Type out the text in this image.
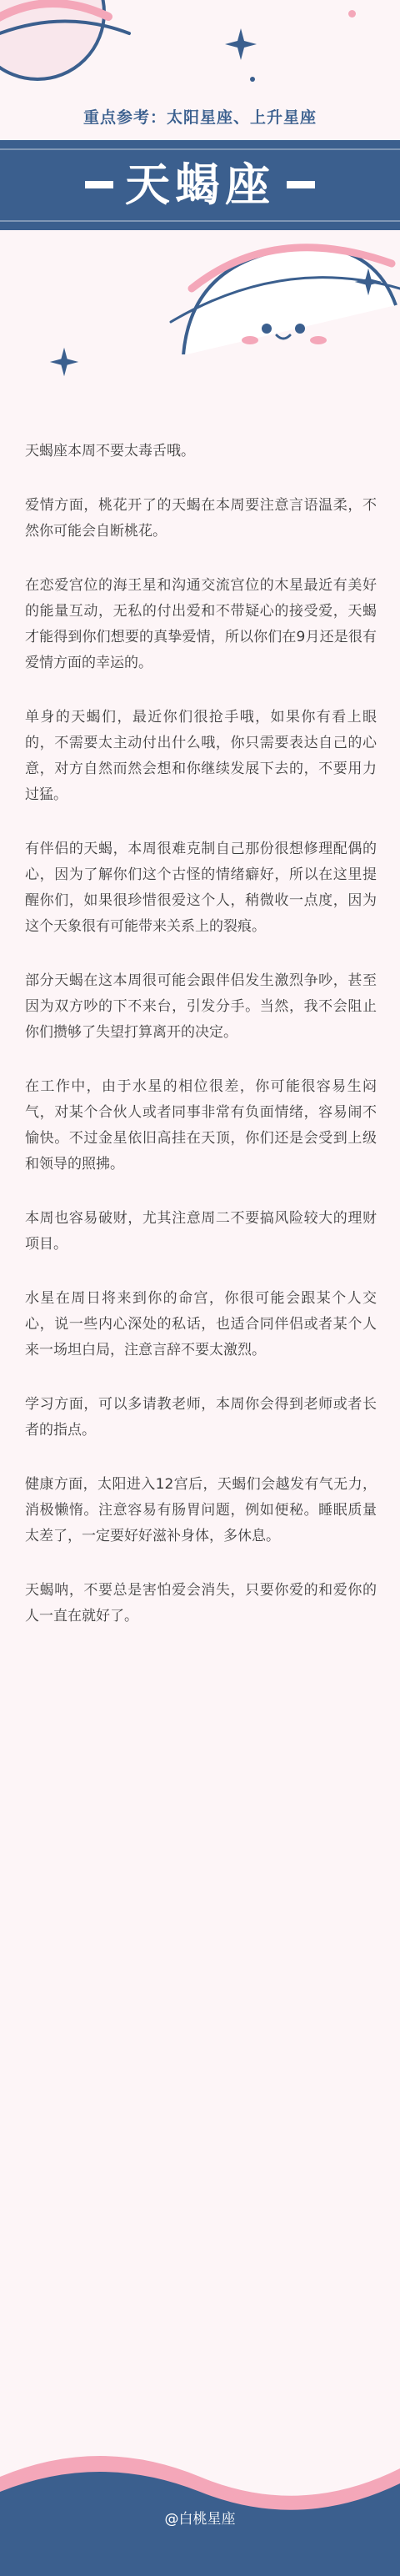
重点参考：太阳星座、上升星座
天蝎座

天蝎座本周不要太毒舌哦。

爱情方面，桃花开了的天蝎在本周要注意言语温柔，不然你可能会自断桃花。

在恋爱宫位的海王星和沟通交流宫位的木星最近有美好的能量互动，无私的付出爱和不带疑心的接受爱，天蝎才能得到你们想要的真挚爱情，所以你们在9月还是很有爱情方面的幸运的。

单身的天蝎们，最近你们很抢手哦，如果你有看上眼的，不需要太主动付出什么哦，你只需要表达自己的心意，对方自然而然会想和你继续发展下去的，不要用力过猛。

有伴侣的天蝎，本周很难克制自己那份很想修理配偶的心，因为了解你们这个古怪的情绪癖好，所以在这里提醒你们，如果很珍惜很爱这个人，稍微收一点度，因为这个天象很有可能带来关系上的裂痕。

部分天蝎在这本周很可能会跟伴侣发生激烈争吵，甚至因为双方吵的下不来台，引发分手。当然，我不会阻止你们攒够了失望打算离开的决定。

在工作中，由于水星的相位很差，你可能很容易生闷气，对某个合伙人或者同事非常有负面情绪，容易闹不愉快。不过金星依旧高挂在天顶，你们还是会受到上级和领导的照拂。

本周也容易破财，尤其注意周二不要搞风险较大的理财项目。

水星在周日将来到你的命宫，你很可能会跟某个人交心，说一些内心深处的私话，也适合同伴侣或者某个人来一场坦白局，注意言辞不要太激烈。

学习方面，可以多请教老师，本周你会得到老师或者长者的指点。

健康方面，太阳进入12宫后，天蝎们会越发有气无力，消极懒惰。注意容易有肠胃问题，例如便秘。睡眠质量太差了，一定要好好滋补身体，多休息。

天蝎呐，不要总是害怕爱会消失，只要你爱的和爱你的人一直在就好了。

@白桃星座
